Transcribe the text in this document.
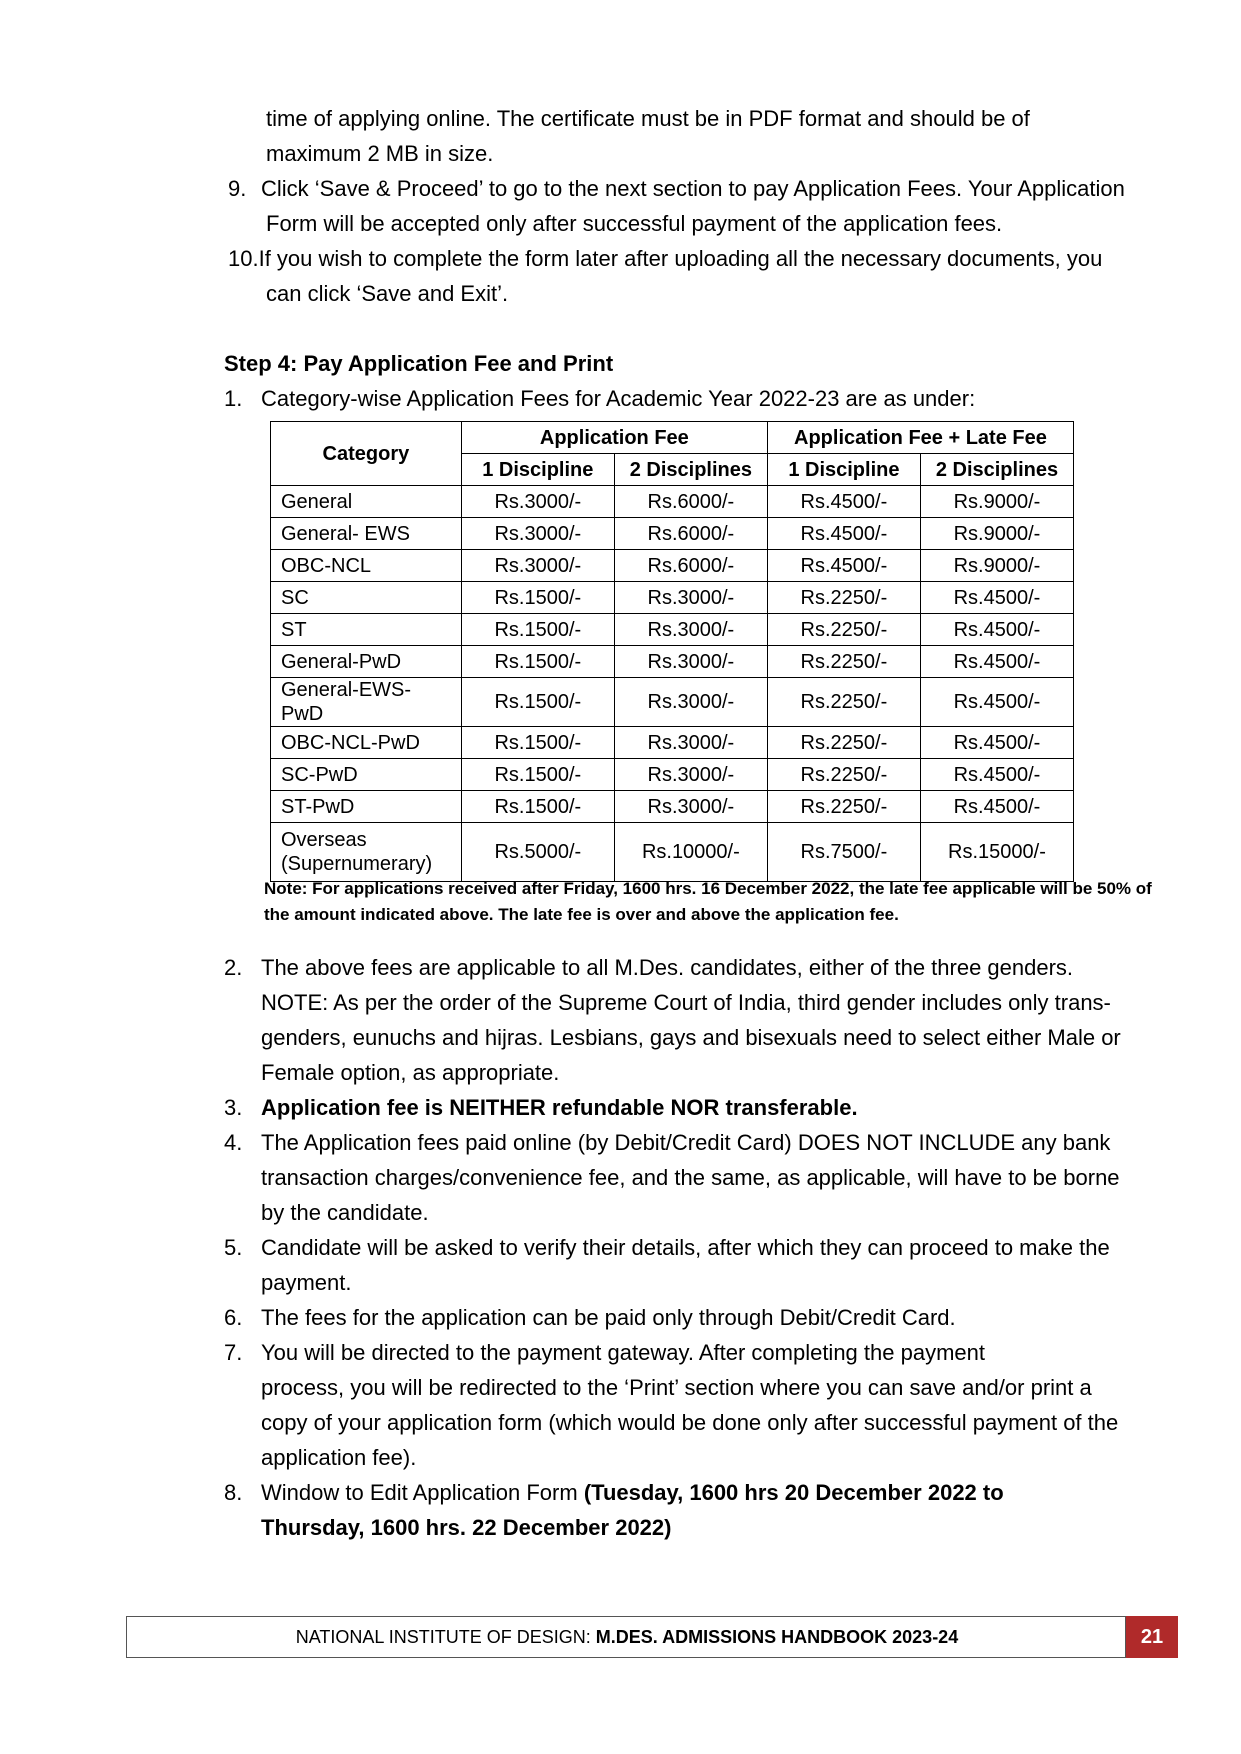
time of applying online. The certificate must be in PDF format and should be of
maximum 2 MB in size.
9. Click ‘Save & Proceed’ to go to the next section to pay Application Fees. Your Application
Form will be accepted only after successful payment of the application fees.
10.If you wish to complete the form later after uploading all the necessary documents, you
can click ‘Save and Exit’.
Step 4: Pay Application Fee and Print
1. Category-wise Application Fees for Academic Year 2022-23 are as under:
Category	Application Fee		Application Fee + Late Fee	
	1 Discipline	2 Disciplines	1 Discipline	2 Disciplines
General	Rs.3000/-	Rs.6000/-	Rs.4500/-	Rs.9000/-
General- EWS	Rs.3000/-	Rs.6000/-	Rs.4500/-	Rs.9000/-
OBC-NCL	Rs.3000/-	Rs.6000/-	Rs.4500/-	Rs.9000/-
SC	Rs.1500/-	Rs.3000/-	Rs.2250/-	Rs.4500/-
ST	Rs.1500/-	Rs.3000/-	Rs.2250/-	Rs.4500/-
General-PwD	Rs.1500/-	Rs.3000/-	Rs.2250/-	Rs.4500/-
General-EWS-PwD	Rs.1500/-	Rs.3000/-	Rs.2250/-	Rs.4500/-
OBC-NCL-PwD	Rs.1500/-	Rs.3000/-	Rs.2250/-	Rs.4500/-
SC-PwD	Rs.1500/-	Rs.3000/-	Rs.2250/-	Rs.4500/-
ST-PwD	Rs.1500/-	Rs.3000/-	Rs.2250/-	Rs.4500/-

Overseas
(Supernumerary)	Rs.5000/-	Rs.10000/-	Rs.7500/-	Rs.15000/-
Note: For applications received after Friday, 1600 hrs. 16 December 2022, the late fee applicable will be 50% of the amount indicated above. The late fee is over and above the application fee.
2. The above fees are applicable to all M.Des. candidates, either of the three genders.
NOTE: As per the order of the Supreme Court of India, third gender includes only trans-
genders, eunuchs and hijras. Lesbians, gays and bisexuals need to select either Male or
Female option, as appropriate.
3. Application fee is NEITHER refundable NOR transferable.
4. The Application fees paid online (by Debit/Credit Card) DOES NOT INCLUDE any bank
transaction charges/convenience fee, and the same, as applicable, will have to be borne
by the candidate.
5. Candidate will be asked to verify their details, after which they can proceed to make the
payment.
6. The fees for the application can be paid only through Debit/Credit Card.
7. You will be directed to the payment gateway. After completing the payment
process, you will be redirected to the ‘Print’ section where you can save and/or print a
copy of your application form (which would be done only after successful payment of the
application fee).
8. Window to Edit Application Form (Tuesday, 1600 hrs 20 December 2022 to
Thursday, 1600 hrs. 22 December 2022)
NATIONAL INSTITUTE OF DESIGN: M.DES. ADMISSIONS HANDBOOK 2023-24	21
